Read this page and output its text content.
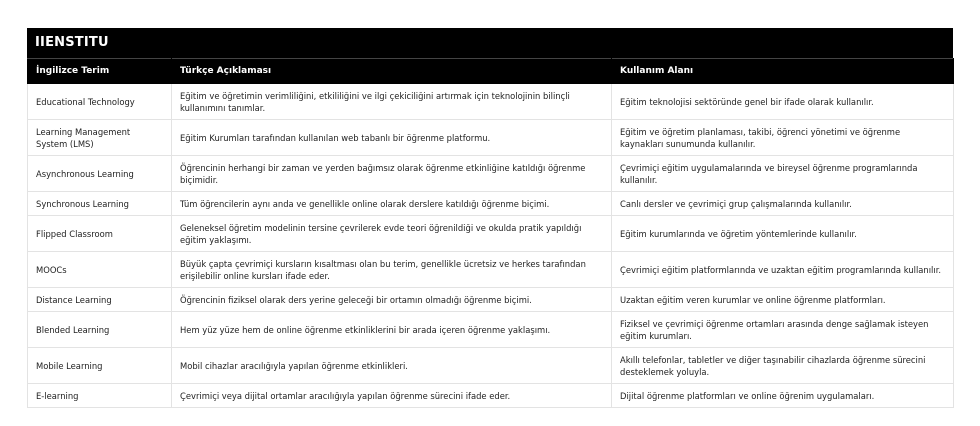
IIENSTITU
İngilizce Terim	Türkçe Açıklaması	Kullanım Alanı
Educational Technology	Eğitim ve öğretimin verimliliğini, etkililiğini ve ilgi çekiciliğini artırmak için teknolojinin bilinçli kullanımını tanımlar.	Eğitim teknolojisi sektöründe genel bir ifade olarak kullanılır.
Learning Management System (LMS)	Eğitim Kurumları tarafından kullanılan web tabanlı bir öğrenme platformu.	Eğitim ve öğretim planlaması, takibi, öğrenci yönetimi ve öğrenme kaynakları sunumunda kullanılır.
Asynchronous Learning	Öğrencinin herhangi bir zaman ve yerden bağımsız olarak öğrenme etkinliğine katıldığı öğrenme biçimidir.	Çevrimiçi eğitim uygulamalarında ve bireysel öğrenme programlarında kullanılır.
Synchronous Learning	Tüm öğrencilerin aynı anda ve genellikle online olarak derslere katıldığı öğrenme biçimi.	Canlı dersler ve çevrimiçi grup çalışmalarında kullanılır.
Flipped Classroom	Geleneksel öğretim modelinin tersine çevrilerek evde teori öğrenildiği ve okulda pratik yapıldığı eğitim yaklaşımı.	Eğitim kurumlarında ve öğretim yöntemlerinde kullanılır.
MOOCs	Büyük çapta çevrimiçi kursların kısaltması olan bu terim, genellikle ücretsiz ve herkes tarafından erişilebilir online kursları ifade eder.	Çevrimiçi eğitim platformlarında ve uzaktan eğitim programlarında kullanılır.
Distance Learning	Öğrencinin fiziksel olarak ders yerine geleceği bir ortamın olmadığı öğrenme biçimi.	Uzaktan eğitim veren kurumlar ve online öğrenme platformları.
Blended Learning	Hem yüz yüze hem de online öğrenme etkinliklerini bir arada içeren öğrenme yaklaşımı.	Fiziksel ve çevrimiçi öğrenme ortamları arasında denge sağlamak isteyen eğitim kurumları.
Mobile Learning	Mobil cihazlar aracılığıyla yapılan öğrenme etkinlikleri.	Akıllı telefonlar, tabletler ve diğer taşınabilir cihazlarda öğrenme sürecini desteklemek yoluyla.
E-learning	Çevrimiçi veya dijital ortamlar aracılığıyla yapılan öğrenme sürecini ifade eder.	Dijital öğrenme platformları ve online öğrenim uygulamaları.
